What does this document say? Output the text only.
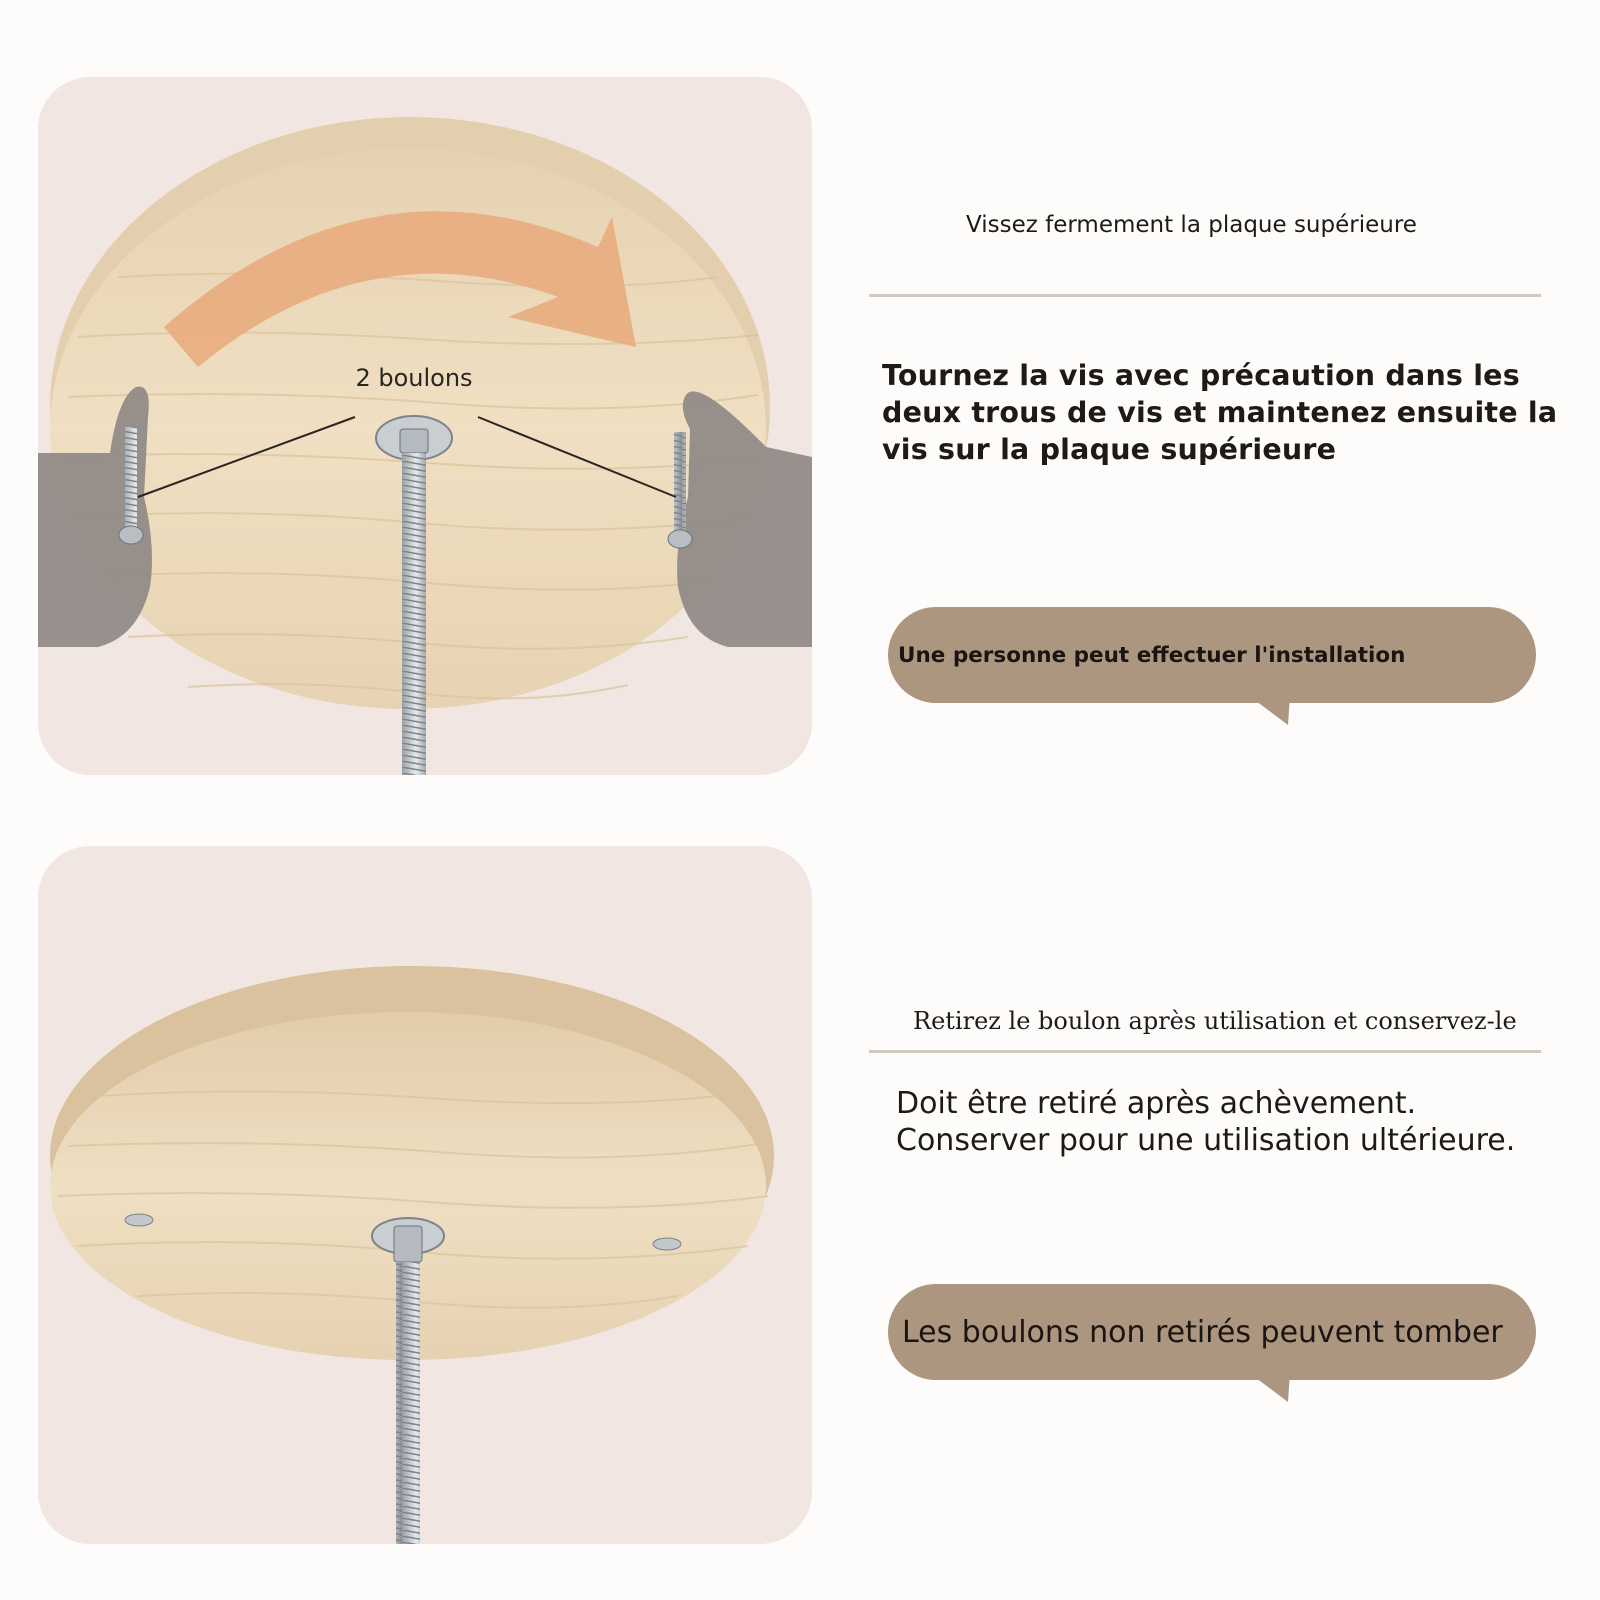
2 boulons
Vissez fermement la plaque supérieure

Tournez la vis avec précaution dans les deux trous de vis et maintenez ensuite la vis sur la plaque supérieure

Une personne peut effectuer l'installation
Retirez le boulon après utilisation et conservez-le

Doit être retiré après achèvement.
Conserver pour une utilisation ultérieure.

Les boulons non retirés peuvent tomber
